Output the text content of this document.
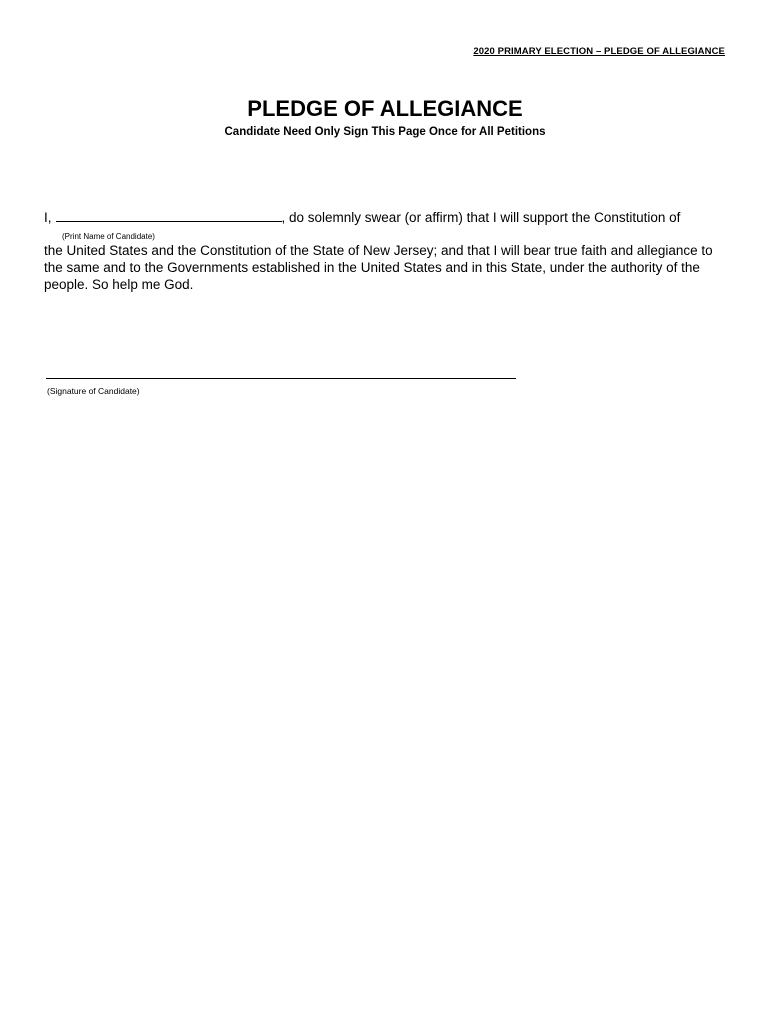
2020 PRIMARY ELECTION – PLEDGE OF ALLEGIANCE
PLEDGE OF ALLEGIANCE
Candidate Need Only Sign This Page Once for All Petitions
I,	, do solemnly swear (or affirm) that I will support the Constitution of
(Print Name of Candidate)
the United States and the Constitution of the State of New Jersey; and that I will bear true faith and allegiance to the same and to the Governments established in the United States and in this State, under the authority of the people. So help me God.
(Signature of Candidate)
